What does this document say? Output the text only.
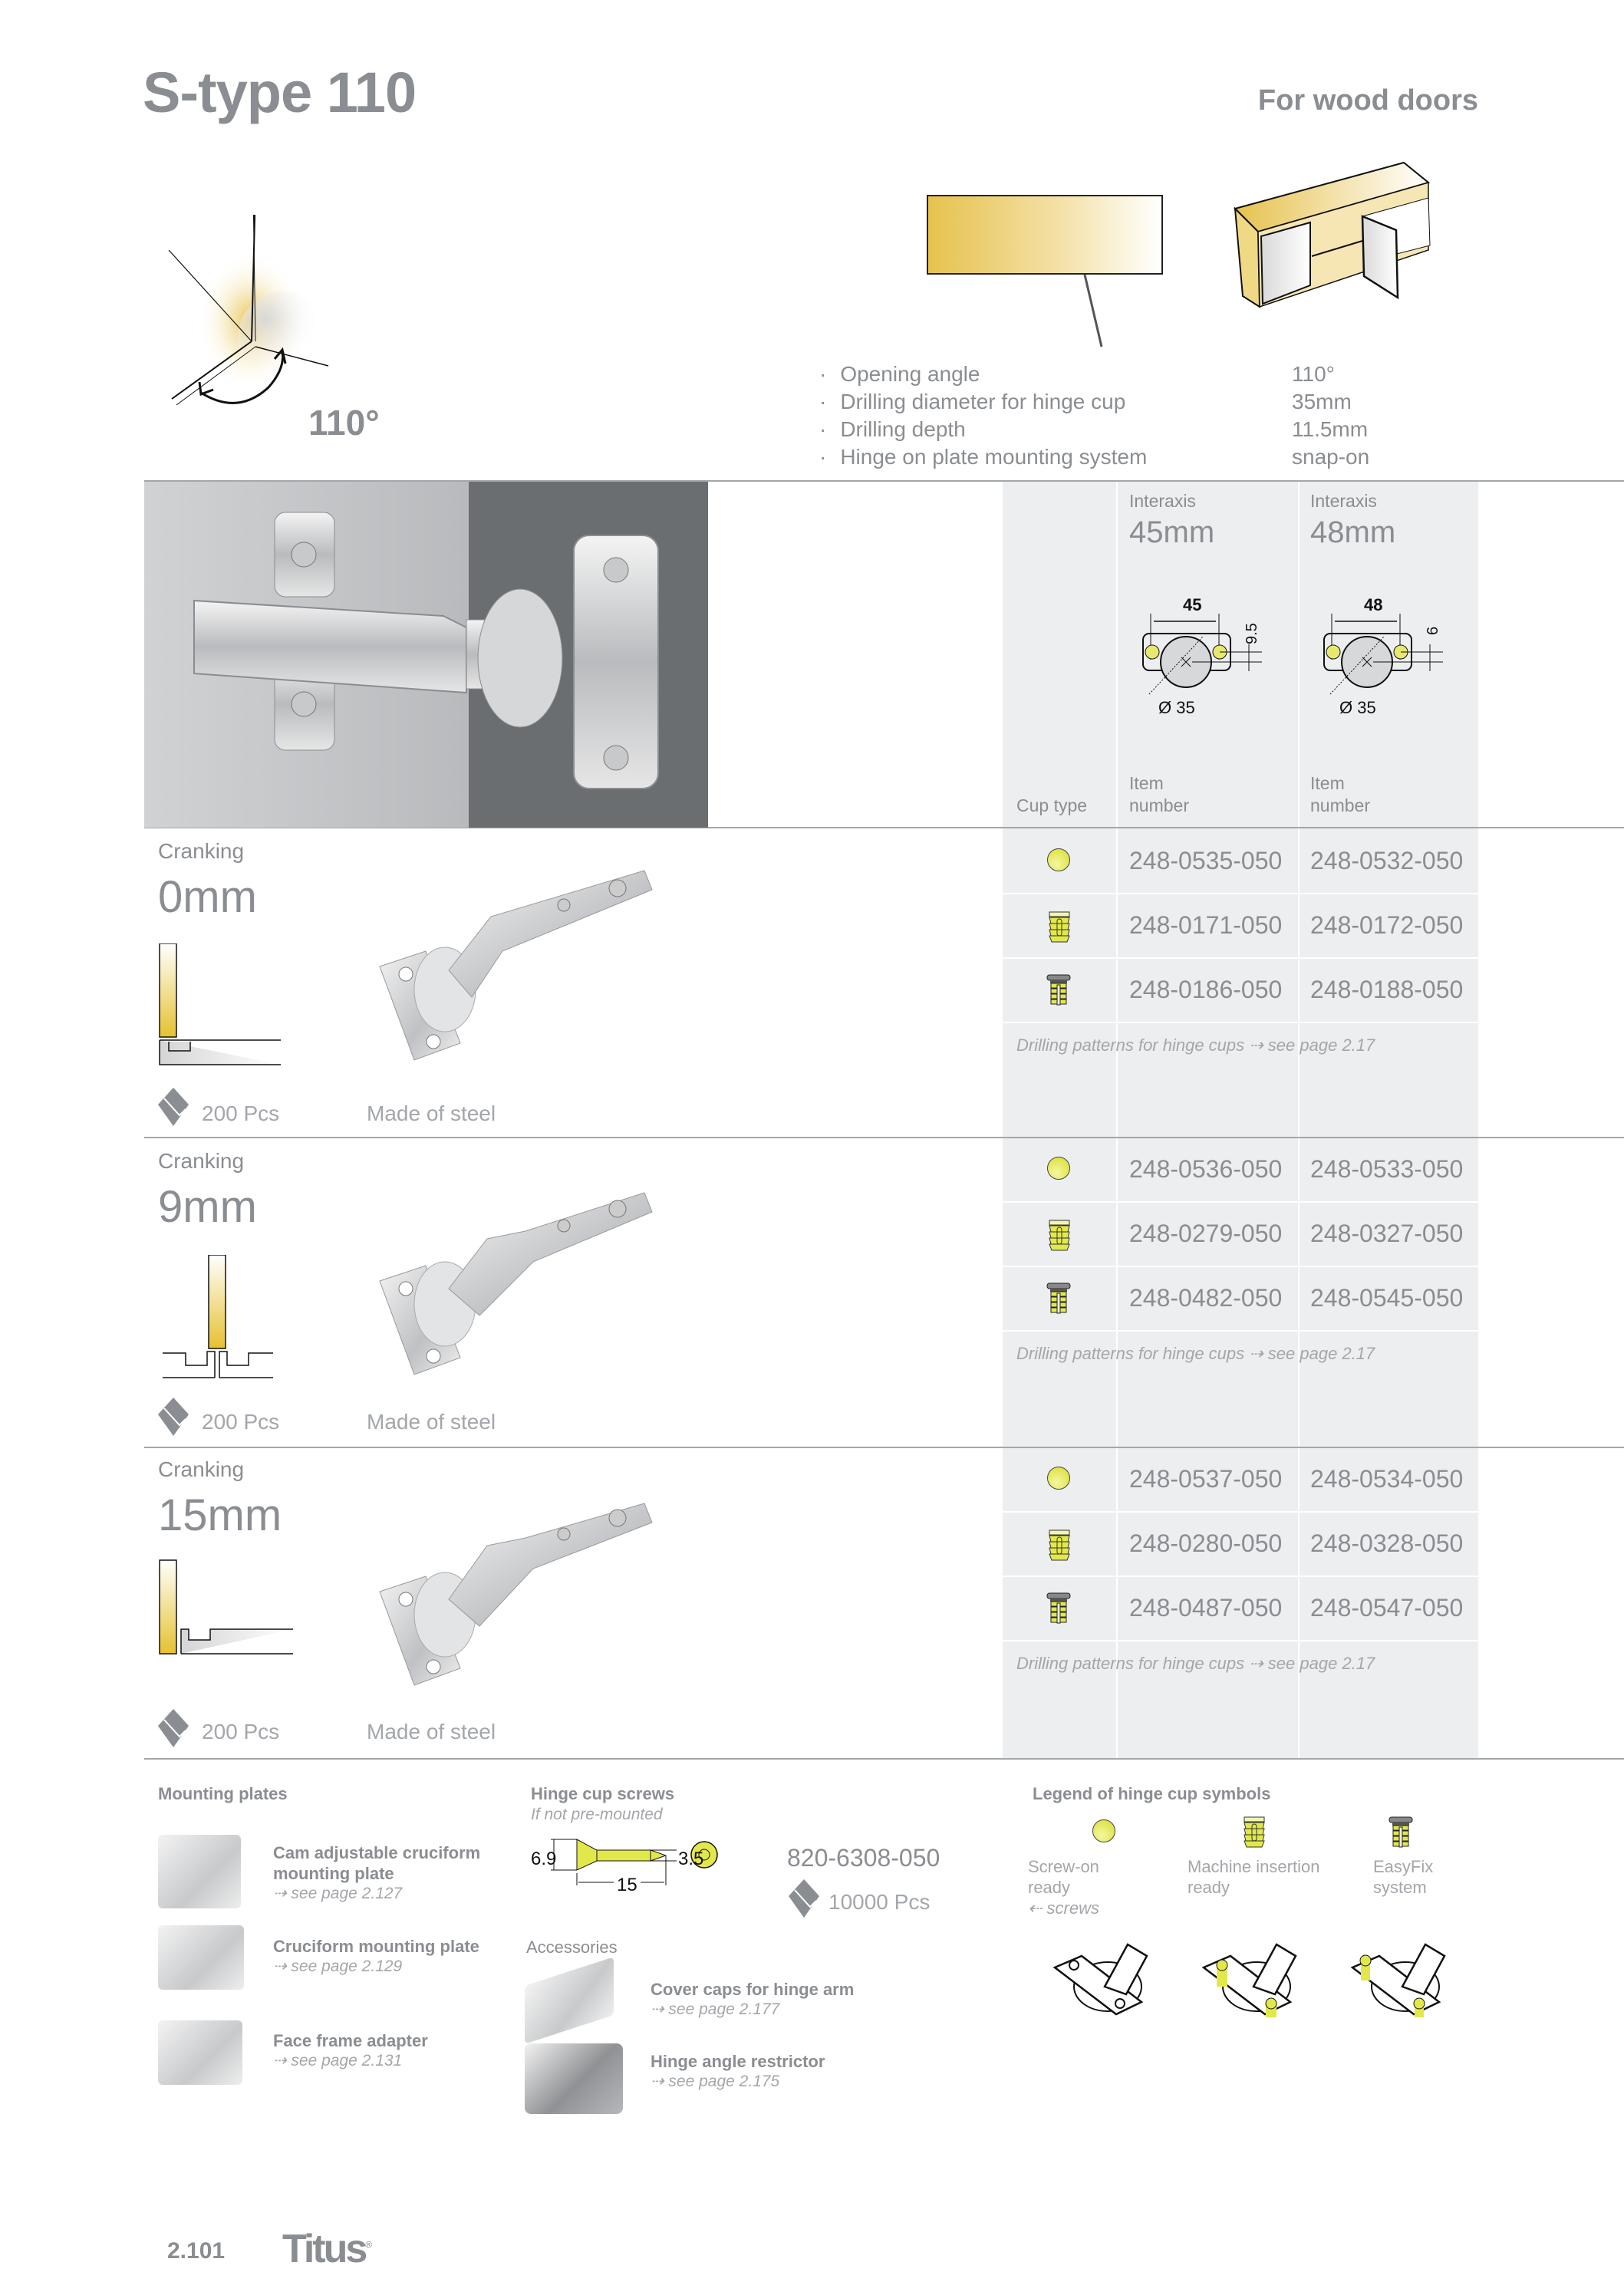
S-type 110	For wood doors
110°
· Opening angle	110°
· Drilling diameter for hinge cup	35mm
· Drilling depth	11.5mm
· Hinge on plate mounting system	snap-on
Interaxis
45mm
Interaxis
48mm
45
9.5
Ø 35
48
6
Ø 35
Cup type
Item
number
Item
number
Cranking
0mm
200 Pcs	Made of steel
248-0535-050 248-0532-050
248-0171-050 248-0172-050
248-0186-050 248-0188-050
Drilling patterns for hinge cups ⇢ see page 2.17
Cranking
9mm
200 Pcs	Made of steel
248-0536-050 248-0533-050
248-0279-050 248-0327-050
248-0482-050 248-0545-050
Drilling patterns for hinge cups ⇢ see page 2.17
Cranking
15mm
200 Pcs	Made of steel
248-0537-050 248-0534-050
248-0280-050 248-0328-050
248-0487-050 248-0547-050
Drilling patterns for hinge cups ⇢ see page 2.17
Mounting plates
Cam adjustable cruciform
mounting plate
⇢ see page 2.127
Cruciform mounting plate
⇢ see page 2.129
Face frame adapter
⇢ see page 2.131
Hinge cup screws
If not pre-mounted
6.9	3.5
15
820-6308-050
10000 Pcs
Accessories
Cover caps for hinge arm
⇢ see page 2.177
Hinge angle restrictor
⇢ see page 2.175
Legend of hinge cup symbols
Screw-on
ready
⇠ screws
Machine insertion
ready
EasyFix
system
2.101 Titus®
